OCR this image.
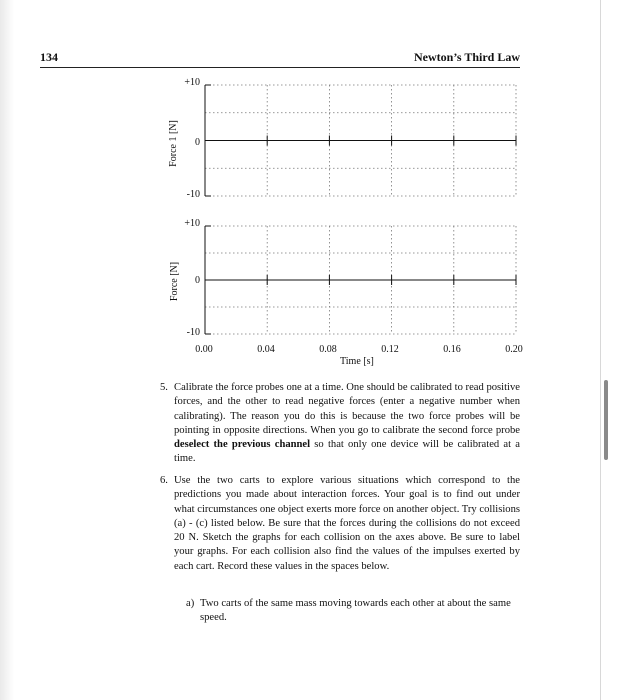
134	Newton’s Third Law
Force 1 [N]
Force [N]
+10
0
-10
+10
0
-10
0.00	0.04	0.08	0.12	0.16	0.20
Time [s]
5. Calibrate the force probes one at a time. One should be calibrated to read positive forces, and the other to read negative forces (enter a negative number when calibrating). The reason you do this is because the two force probes will be pointing in opposite directions. When you go to calibrate the second force probe deselect the previous channel so that only one device will be calibrated at a time.
6. Use the two carts to explore various situations which correspond to the predictions you made about interaction forces. Your goal is to find out under what circumstances one object exerts more force on another object. Try collisions (a) - (c) listed below. Be sure that the forces during the collisions do not exceed 20 N. Sketch the graphs for each collision on the axes above. Be sure to label your graphs. For each collision also find the values of the impulses exerted by each cart. Record these values in the spaces below.
a) Two carts of the same mass moving towards each other at about the same speed.
